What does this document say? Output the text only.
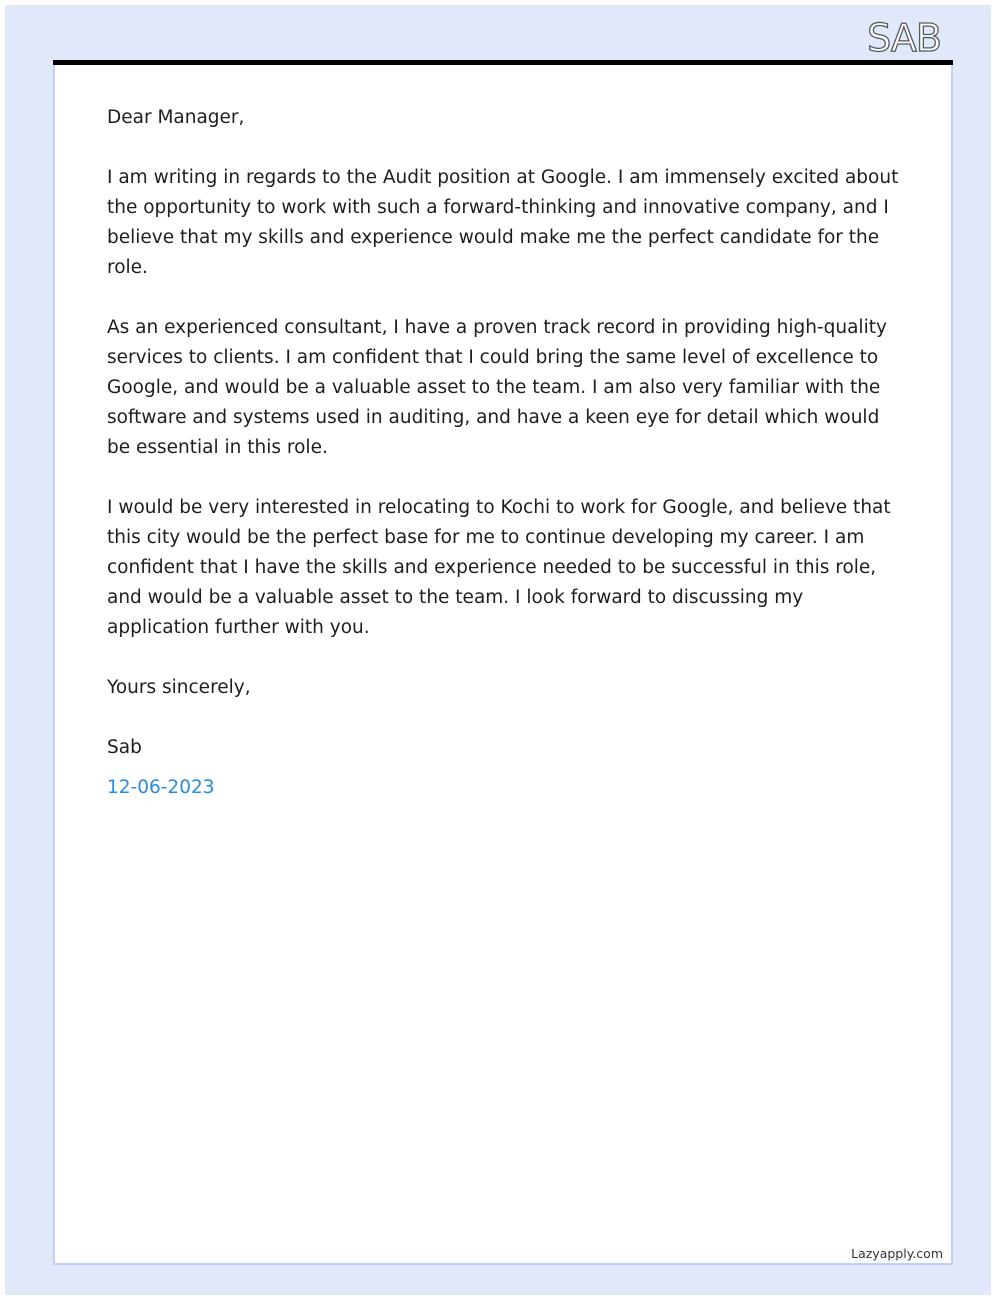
SAB

Dear Manager,

I am writing in regards to the Audit position at Google. I am immensely excited about the opportunity to work with such a forward-thinking and innovative company, and I believe that my skills and experience would make me the perfect candidate for the role.

As an experienced consultant, I have a proven track record in providing high-quality services to clients. I am confident that I could bring the same level of excellence to Google, and would be a valuable asset to the team. I am also very familiar with the software and systems used in auditing, and have a keen eye for detail which would be essential in this role.

I would be very interested in relocating to Kochi to work for Google, and believe that this city would be the perfect base for me to continue developing my career. I am confident that I have the skills and experience needed to be successful in this role, and would be a valuable asset to the team. I look forward to discussing my application further with you.

Yours sincerely,

Sab

12-06-2023

Lazyapply.com
